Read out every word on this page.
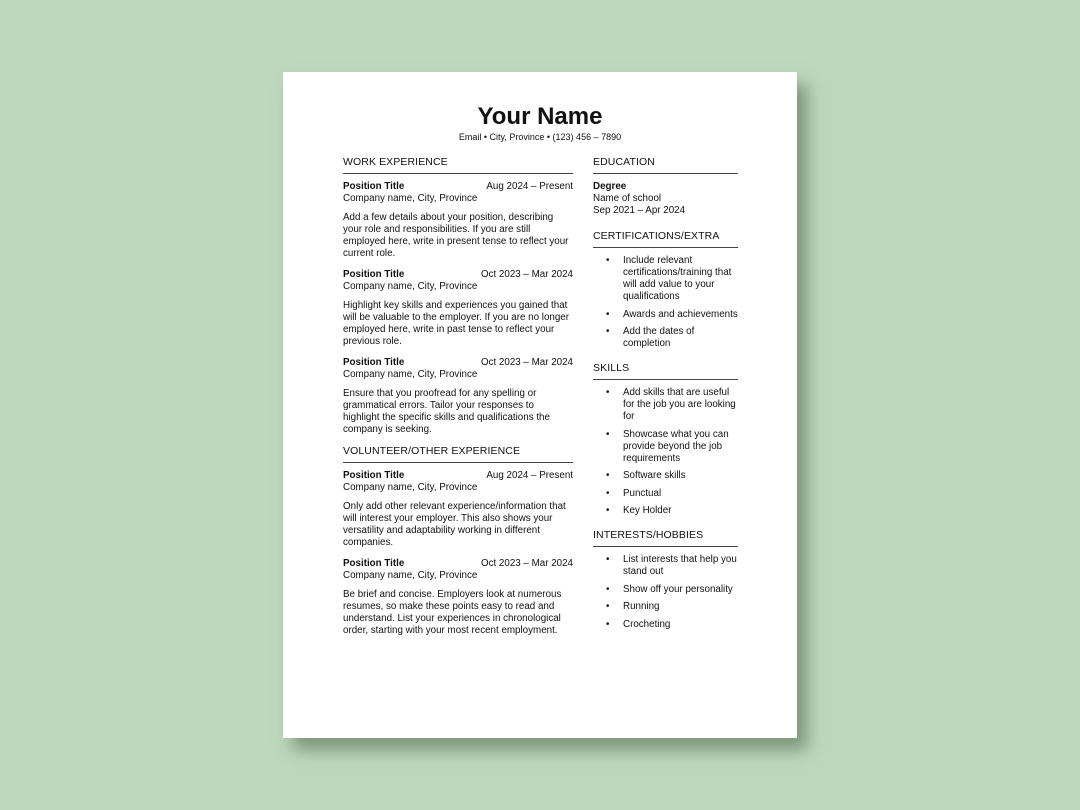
Your Name
Email • City, Province • (123) 456 – 7890
WORK EXPERIENCE
Position Title	Aug 2024 – Present
Company name, City, Province
Add a few details about your position, describing your role and responsibilities. If you are still employed here, write in present tense to reflect your current role.
Position Title	Oct 2023 – Mar 2024
Company name, City, Province
Highlight key skills and experiences you gained that will be valuable to the employer. If you are no longer employed here, write in past tense to reflect your previous role.
Position Title	Oct 2023 – Mar 2024
Company name, City, Province
Ensure that you proofread for any spelling or grammatical errors. Tailor your responses to highlight the specific skills and qualifications the company is seeking.
VOLUNTEER/OTHER EXPERIENCE
Position Title	Aug 2024 – Present
Company name, City, Province
Only add other relevant experience/information that will interest your employer. This also shows your versatility and adaptability working in different companies.
Position Title	Oct 2023 – Mar 2024
Company name, City, Province
Be brief and concise. Employers look at numerous resumes, so make these points easy to read and understand. List your experiences in chronological order, starting with your most recent employment.
EDUCATION
Degree
Name of school
Sep 2021 – Apr 2024
CERTIFICATIONS/EXTRA
• Include relevant certifications/training that will add value to your qualifications
• Awards and achievements
• Add the dates of completion
SKILLS
• Add skills that are useful for the job you are looking for
• Showcase what you can provide beyond the job requirements
• Software skills
• Punctual
• Key Holder
INTERESTS/HOBBIES
• List interests that help you stand out
• Show off your personality
• Running
• Crocheting
